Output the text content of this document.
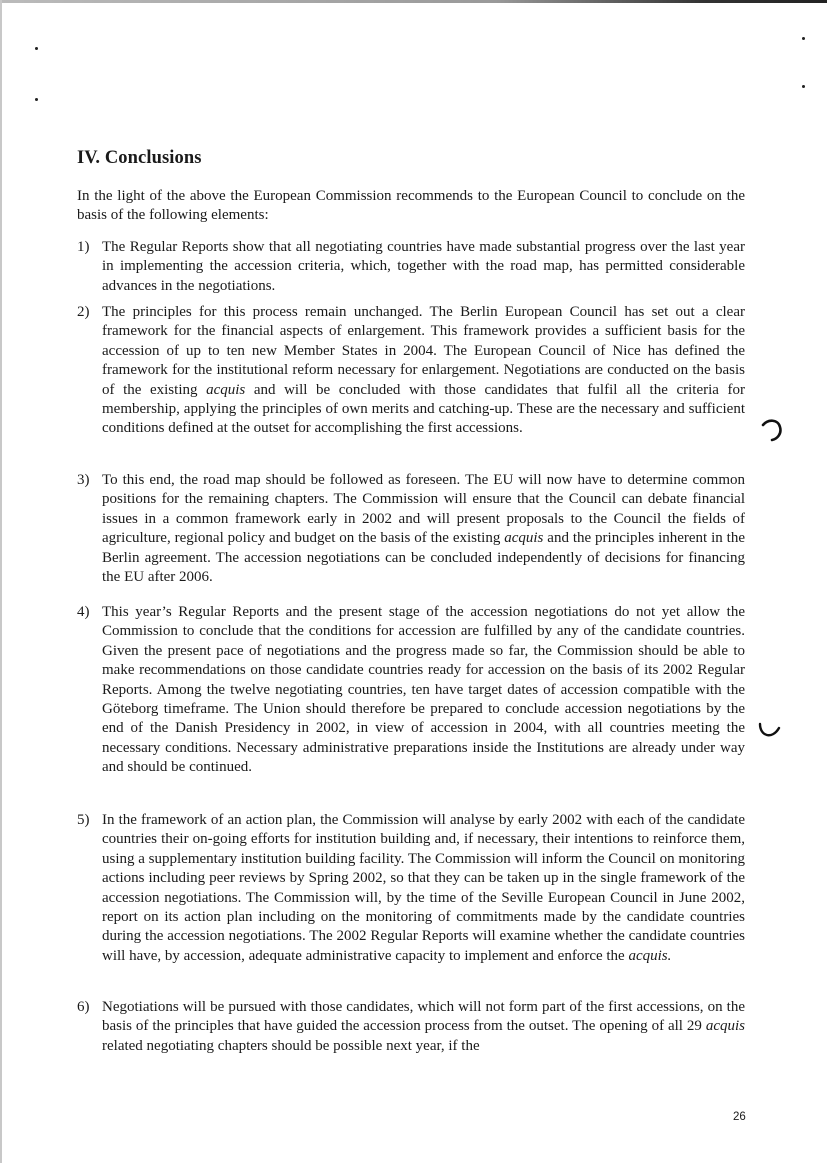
IV. Conclusions

In the light of the above the European Commission recommends to the European Council to conclude on the basis of the following elements:

1) The Regular Reports show that all negotiating countries have made substantial progress over the last year in implementing the accession criteria, which, together with the road map, has permitted considerable advances in the negotiations.
2) The principles for this process remain unchanged. The Berlin European Council has set out a clear framework for the financial aspects of enlargement. This framework provides a sufficient basis for the accession of up to ten new Member States in 2004. The European Council of Nice has defined the framework for the institutional reform necessary for enlargement. Negotiations are conducted on the basis of the existing acquis and will be concluded with those candidates that fulfil all the criteria for membership, applying the principles of own merits and catching-up. These are the necessary and sufficient conditions defined at the outset for accomplishing the first accessions.
3) To this end, the road map should be followed as foreseen. The EU will now have to determine common positions for the remaining chapters. The Commission will ensure that the Council can debate financial issues in a common framework early in 2002 and will present proposals to the Council the fields of agriculture, regional policy and budget on the basis of the existing acquis and the principles inherent in the Berlin agreement. The accession negotiations can be concluded independently of decisions for financing the EU after 2006.
4) This year’s Regular Reports and the present stage of the accession negotiations do not yet allow the Commission to conclude that the conditions for accession are fulfilled by any of the candidate countries. Given the present pace of negotiations and the progress made so far, the Commission should be able to make recommendations on those candidate countries ready for accession on the basis of its 2002 Regular Reports. Among the twelve negotiating countries, ten have target dates of accession compatible with the Göteborg timeframe. The Union should therefore be prepared to conclude accession negotiations by the end of the Danish Presidency in 2002, in view of accession in 2004, with all countries meeting the necessary conditions. Necessary administrative preparations inside the Institutions are already under way and should be continued.
5) In the framework of an action plan, the Commission will analyse by early 2002 with each of the candidate countries their on-going efforts for institution building and, if necessary, their intentions to reinforce them, using a supplementary institution building facility. The Commission will inform the Council on monitoring actions including peer reviews by Spring 2002, so that they can be taken up in the single framework of the accession negotiations. The Commission will, by the time of the Seville European Council in June 2002, report on its action plan including on the monitoring of commitments made by the candidate countries during the accession negotiations. The 2002 Regular Reports will examine whether the candidate countries will have, by accession, adequate administrative capacity to implement and enforce the acquis.
6) Negotiations will be pursued with those candidates, which will not form part of the first accessions, on the basis of the principles that have guided the accession process from the outset. The opening of all 29 acquis related negotiating chapters should be possible next year, if the
26
